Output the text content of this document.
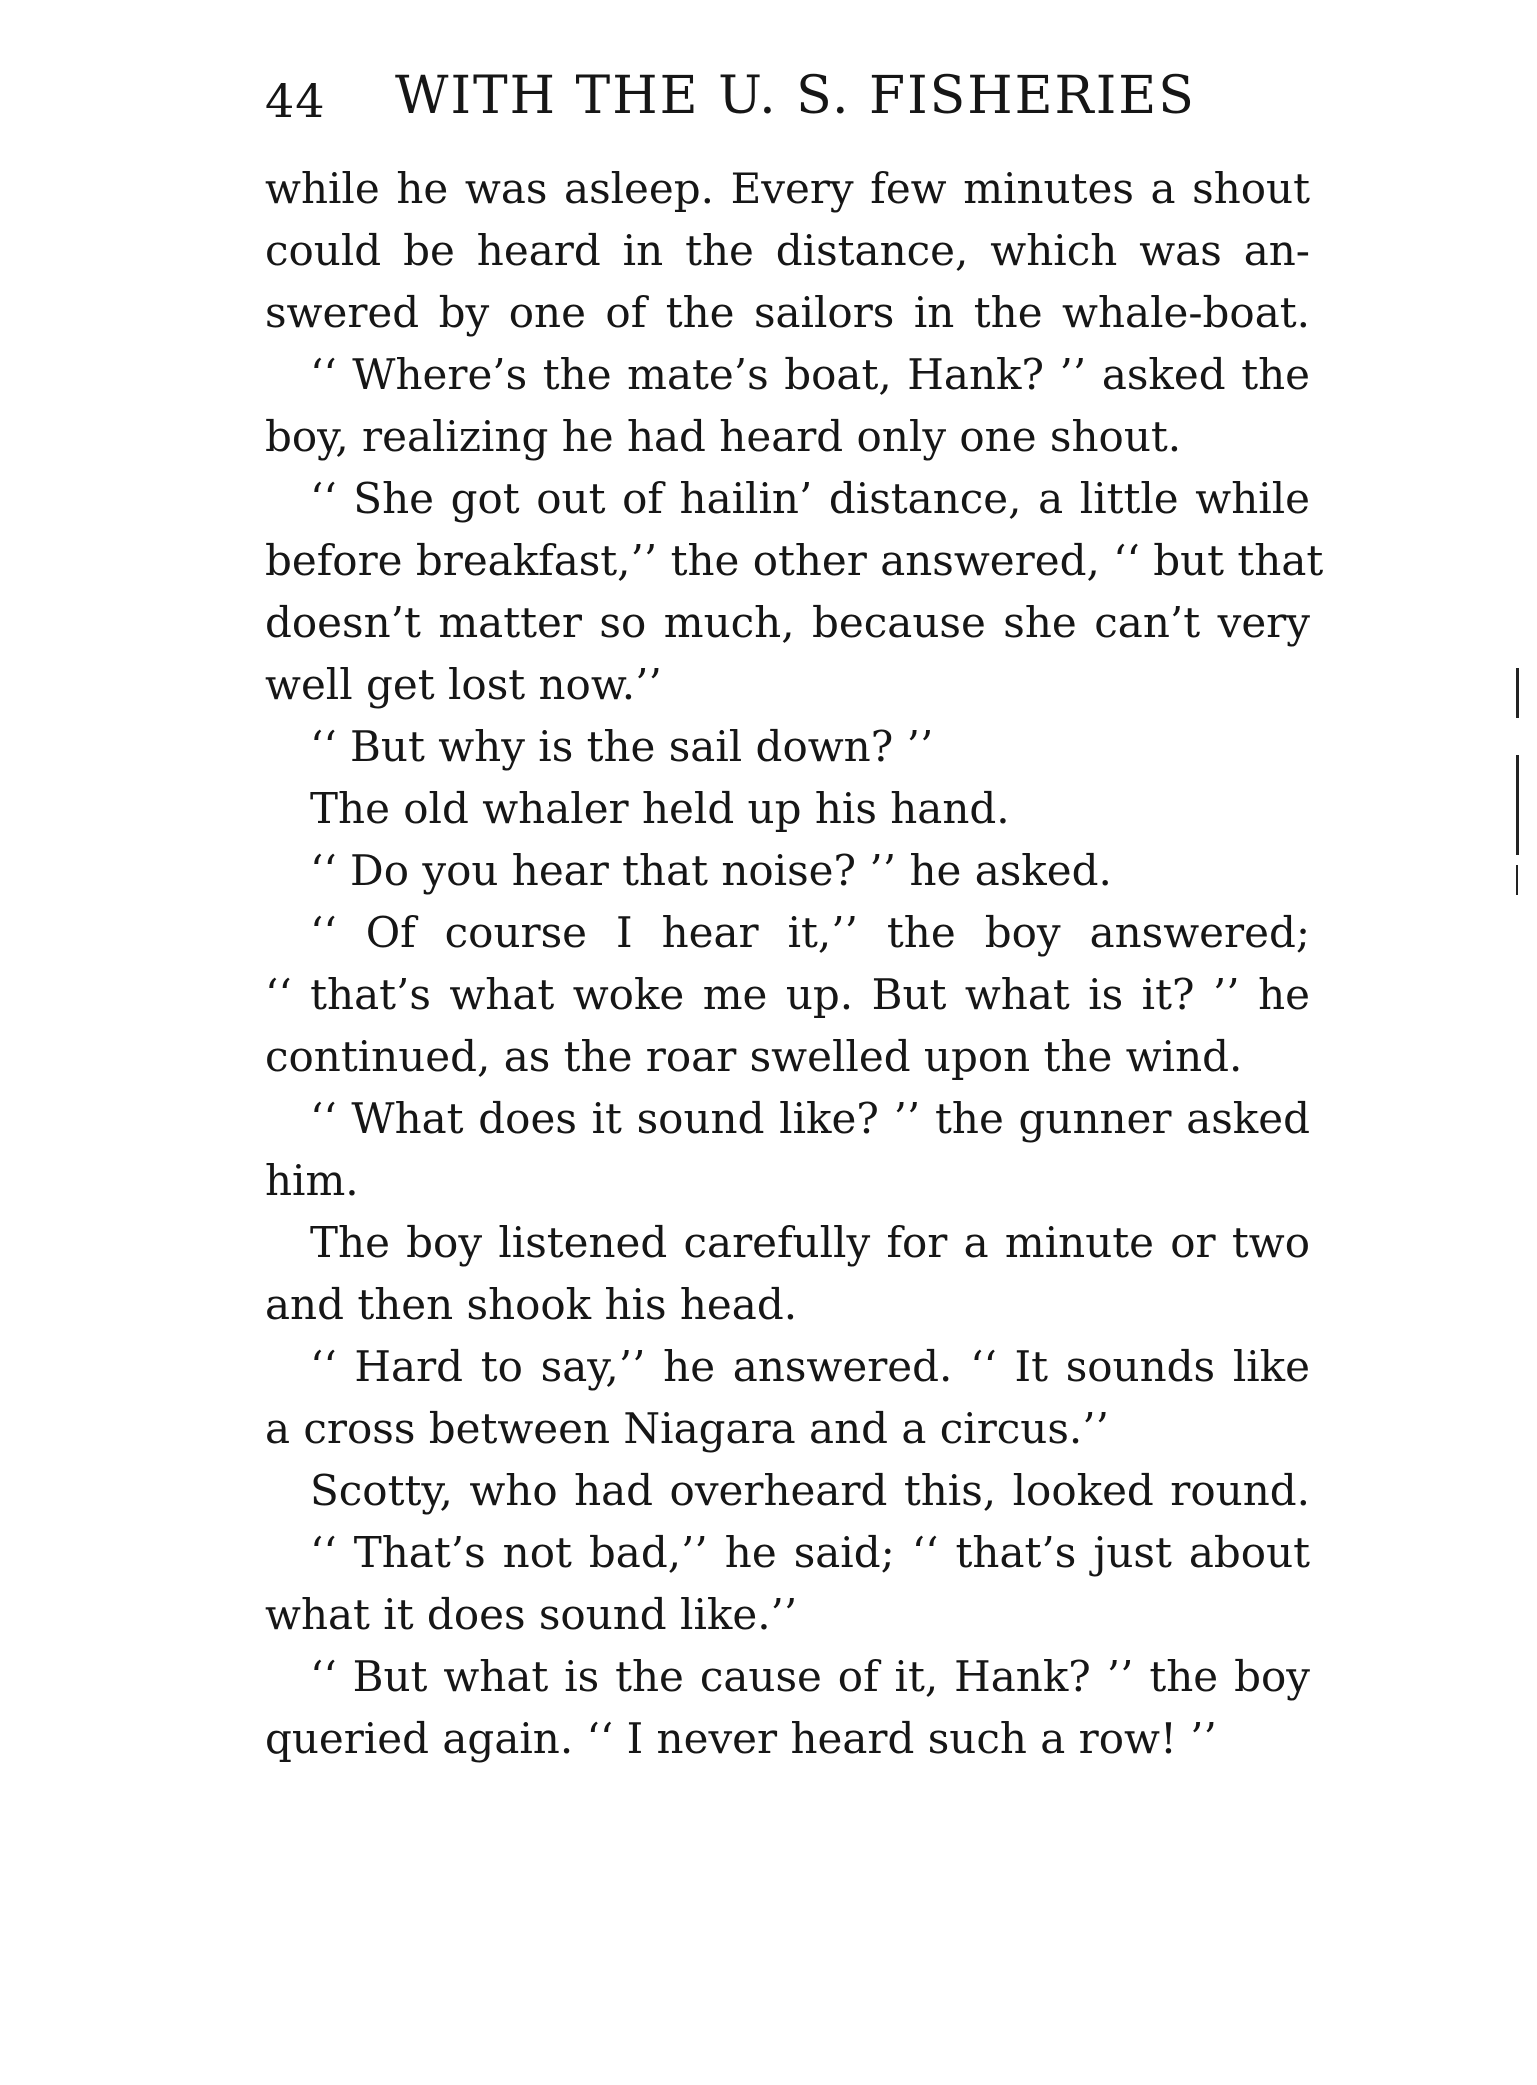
44 WITH THE U. S. FISHERIES
while he was asleep. Every few minutes a shout
could be heard in the distance, which was an-
swered by one of the sailors in the whale-boat.
‘‘ Where’s the mate’s boat, Hank? ’’ asked the
boy, realizing he had heard only one shout.
‘‘ She got out of hailin’ distance, a little while
before breakfast,’’ the other answered, ‘‘ but that
doesn’t matter so much, because she can’t very
well get lost now.’’
‘‘ But why is the sail down? ’’
The old whaler held up his hand.
‘‘ Do you hear that noise? ’’ he asked.
‘‘ Of course I hear it,’’ the boy answered;
‘‘ that’s what woke me up. But what is it? ’’ he
continued, as the roar swelled upon the wind.
‘‘ What does it sound like? ’’ the gunner asked
him.
The boy listened carefully for a minute or two
and then shook his head.
‘‘ Hard to say,’’ he answered. ‘‘ It sounds like
a cross between Niagara and a circus.’’
Scotty, who had overheard this, looked round.
‘‘ That’s not bad,’’ he said; ‘‘ that’s just about
what it does sound like.’’
‘‘ But what is the cause of it, Hank? ’’ the boy
queried again. ‘‘ I never heard such a row! ’’
